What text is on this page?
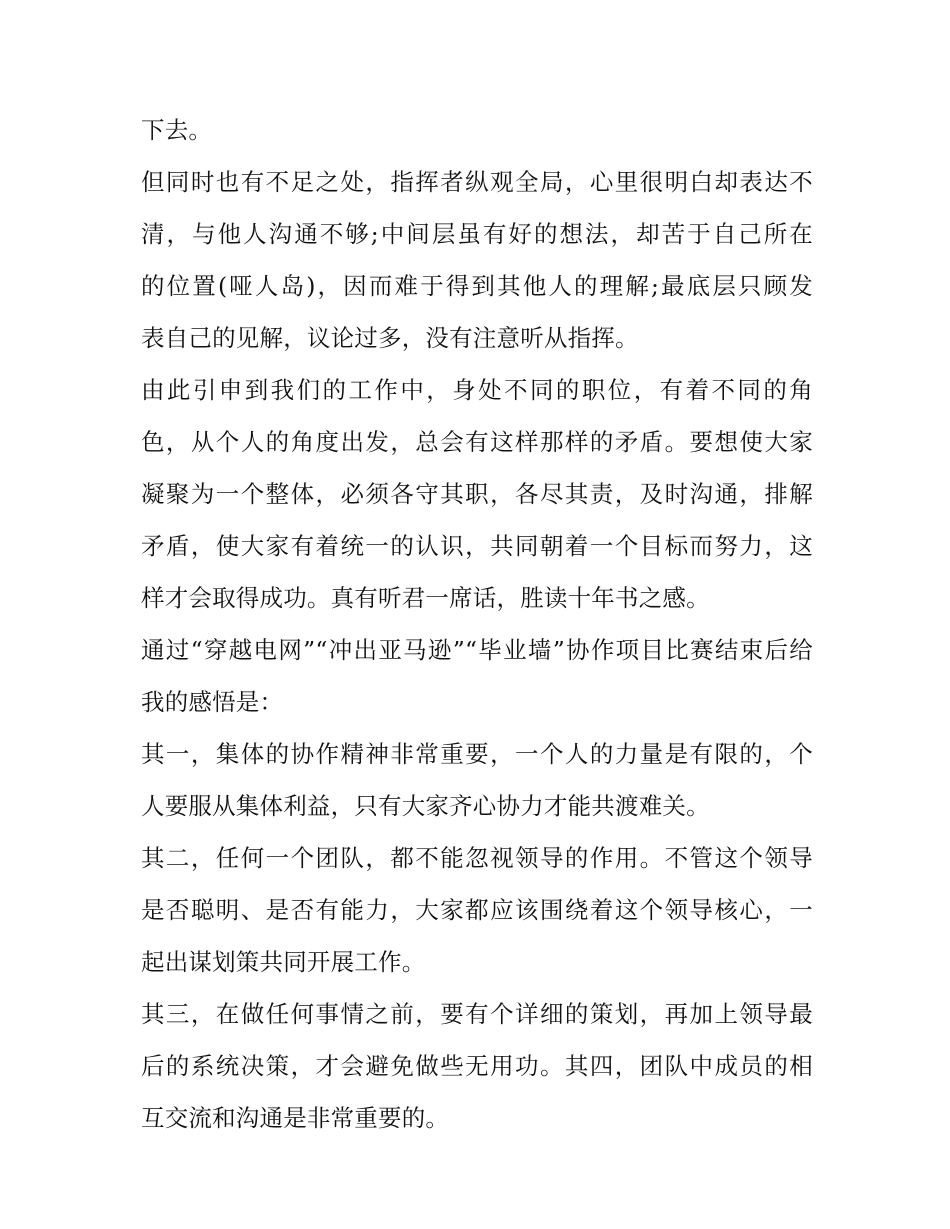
下去。
但同时也有不足之处，指挥者纵观全局，心里很明白却表达不
清，与他人沟通不够;中间层虽有好的想法，却苦于自己所在
的位置(哑人岛)，因而难于得到其他人的理解;最底层只顾发
表自己的见解，议论过多，没有注意听从指挥。
由此引申到我们的工作中，身处不同的职位，有着不同的角
色，从个人的角度出发，总会有这样那样的矛盾。要想使大家
凝聚为一个整体，必须各守其职，各尽其责，及时沟通，排解
矛盾，使大家有着统一的认识，共同朝着一个目标而努力，这
样才会取得成功。真有听君一席话，胜读十年书之感。
通过“穿越电网”“冲出亚马逊”“毕业墙”协作项目比赛结束后给
我的感悟是：
其一，集体的协作精神非常重要，一个人的力量是有限的，个
人要服从集体利益，只有大家齐心协力才能共渡难关。
其二，任何一个团队，都不能忽视领导的作用。不管这个领导
是否聪明、是否有能力，大家都应该围绕着这个领导核心，一
起出谋划策共同开展工作。
其三，在做任何事情之前，要有个详细的策划，再加上领导最
后的系统决策，才会避免做些无用功。其四，团队中成员的相
互交流和沟通是非常重要的。
